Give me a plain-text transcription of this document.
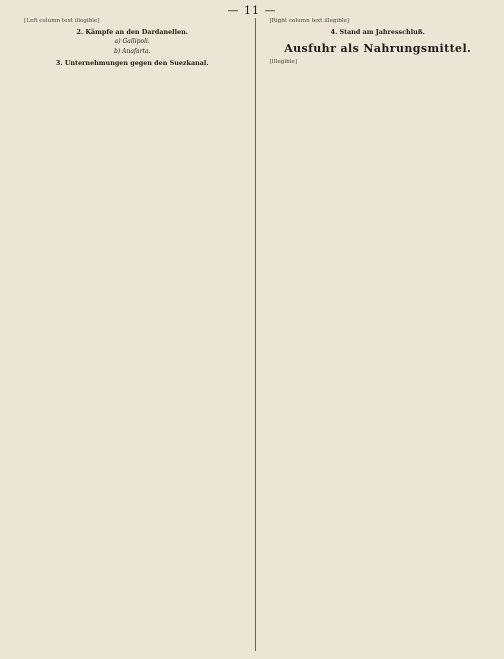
— 11 —

[Left column text illegible]

2. Kämpfe an den Dardanellen.
a) Gallipoli.

b) Anafarta.

3. Unternehmungen gegen den Suezkanal.

[Right column text illegible]

4. Stand am Jahresschluß.

Ausfuhr als Nahrungsmittel.

[Illegible]
